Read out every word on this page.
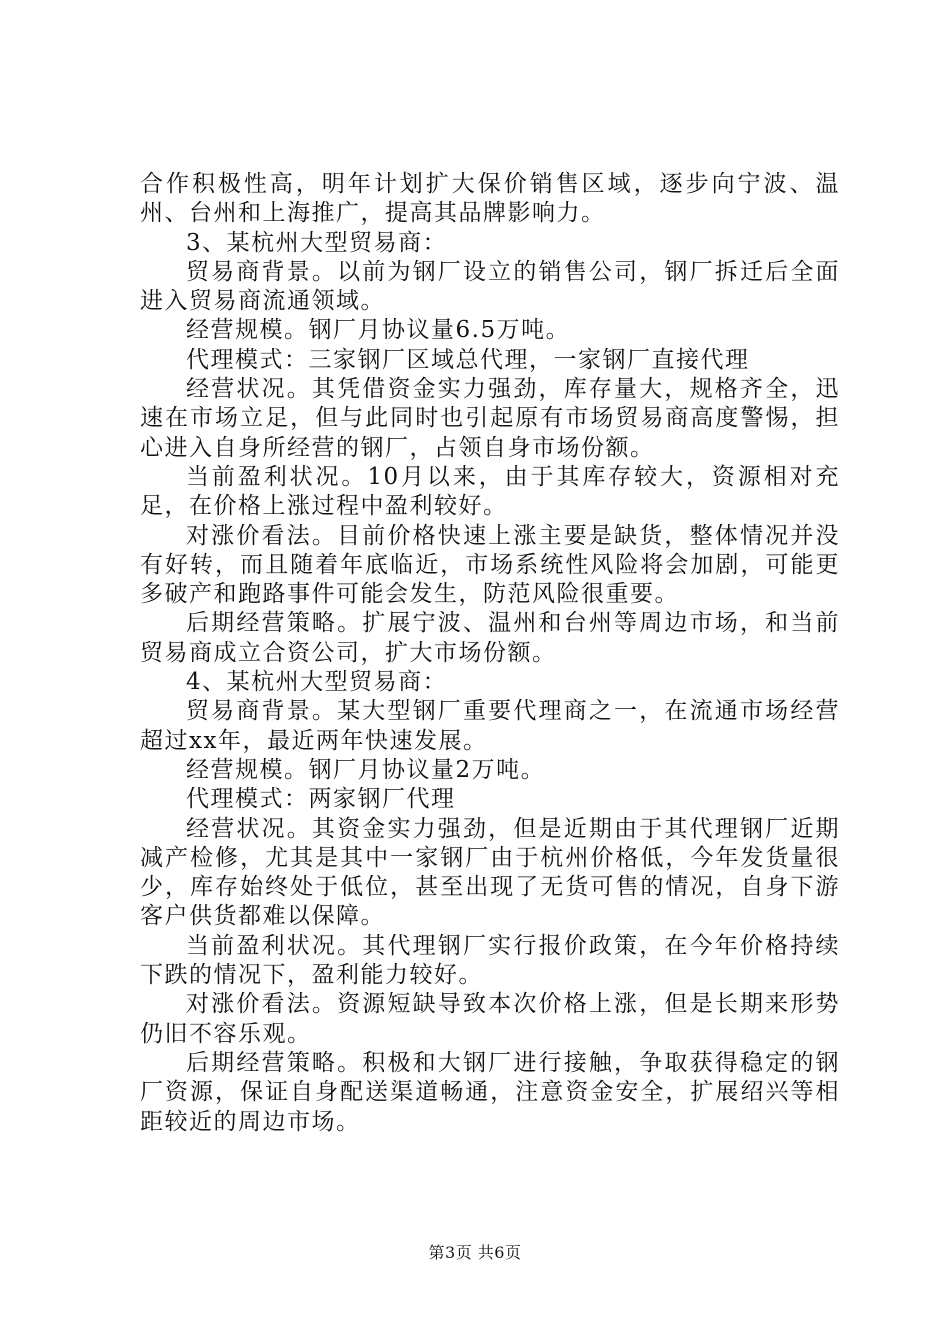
合作积极性高，明年计划扩大保价销售区域，逐步向宁波、温州、台州和上海推广，提高其品牌影响力。

3、某杭州大型贸易商：

贸易商背景。以前为钢厂设立的销售公司，钢厂拆迁后全面进入贸易商流通领域。

经营规模。钢厂月协议量6.5万吨。

代理模式：三家钢厂区域总代理，一家钢厂直接代理

经营状况。其凭借资金实力强劲，库存量大，规格齐全，迅速在市场立足，但与此同时也引起原有市场贸易商高度警惕，担心进入自身所经营的钢厂，占领自身市场份额。

当前盈利状况。10月以来，由于其库存较大，资源相对充足，在价格上涨过程中盈利较好。

对涨价看法。目前价格快速上涨主要是缺货，整体情况并没有好转，而且随着年底临近，市场系统性风险将会加剧，可能更多破产和跑路事件可能会发生，防范风险很重要。

后期经营策略。扩展宁波、温州和台州等周边市场，和当前贸易商成立合资公司，扩大市场份额。

4、某杭州大型贸易商：

贸易商背景。某大型钢厂重要代理商之一，在流通市场经营超过xx年，最近两年快速发展。

经营规模。钢厂月协议量2万吨。

代理模式：两家钢厂代理

经营状况。其资金实力强劲，但是近期由于其代理钢厂近期减产检修，尤其是其中一家钢厂由于杭州价格低，今年发货量很少，库存始终处于低位，甚至出现了无货可售的情况，自身下游客户供货都难以保障。

当前盈利状况。其代理钢厂实行报价政策，在今年价格持续下跌的情况下，盈利能力较好。

对涨价看法。资源短缺导致本次价格上涨，但是长期来形势仍旧不容乐观。

后期经营策略。积极和大钢厂进行接触，争取获得稳定的钢厂资源，保证自身配送渠道畅通，注意资金安全，扩展绍兴等相距较近的周边市场。

第3页 共6页
